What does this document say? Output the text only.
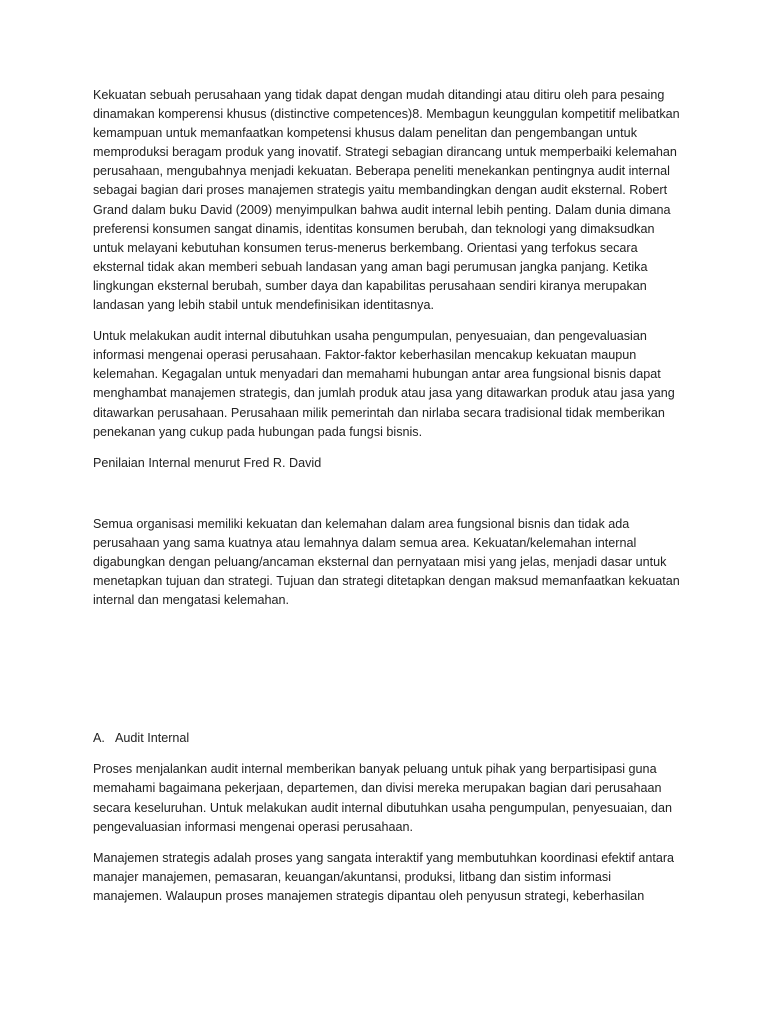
Kekuatan sebuah perusahaan yang tidak dapat dengan mudah ditandingi atau ditiru oleh para pesaing dinamakan komperensi khusus (distinctive competences)8. Membagun keunggulan kompetitif melibatkan kemampuan untuk memanfaatkan kompetensi khusus dalam penelitan dan pengembangan untuk memproduksi beragam produk yang inovatif. Strategi sebagian dirancang untuk memperbaiki kelemahan perusahaan, mengubahnya menjadi kekuatan. Beberapa peneliti menekankan pentingnya audit internal sebagai bagian dari proses manajemen strategis yaitu membandingkan dengan audit eksternal. Robert Grand dalam buku David (2009) menyimpulkan bahwa audit internal lebih penting. Dalam dunia dimana preferensi konsumen sangat dinamis, identitas konsumen berubah, dan teknologi yang dimaksudkan untuk melayani kebutuhan konsumen terus-menerus berkembang. Orientasi yang terfokus secara eksternal tidak akan memberi sebuah landasan yang aman bagi perumusan jangka panjang. Ketika lingkungan eksternal berubah, sumber daya dan kapabilitas perusahaan sendiri kiranya merupakan landasan yang lebih stabil untuk mendefinisikan identitasnya.

Untuk melakukan audit internal dibutuhkan usaha pengumpulan, penyesuaian, dan pengevaluasian informasi mengenai operasi perusahaan. Faktor-faktor keberhasilan mencakup kekuatan maupun kelemahan. Kegagalan untuk menyadari dan memahami hubungan antar area fungsional bisnis dapat menghambat manajemen strategis, dan jumlah produk atau jasa yang ditawarkan produk atau jasa yang ditawarkan perusahaan. Perusahaan milik pemerintah dan nirlaba secara tradisional tidak memberikan penekanan yang cukup pada hubungan pada fungsi bisnis.

Penilaian Internal menurut Fred R. David

Semua organisasi memiliki kekuatan dan kelemahan dalam area fungsional bisnis dan tidak ada perusahaan yang sama kuatnya atau lemahnya dalam semua area. Kekuatan/kelemahan internal digabungkan dengan peluang/ancaman eksternal dan pernyataan misi yang jelas, menjadi dasar untuk menetapkan tujuan dan strategi. Tujuan dan strategi ditetapkan dengan maksud memanfaatkan kekuatan internal dan mengatasi kelemahan.

A. Audit Internal

Proses menjalankan audit internal memberikan banyak peluang untuk pihak yang berpartisipasi guna memahami bagaimana pekerjaan, departemen, dan divisi mereka merupakan bagian dari perusahaan secara keseluruhan. Untuk melakukan audit internal dibutuhkan usaha pengumpulan, penyesuaian, dan pengevaluasian informasi mengenai operasi perusahaan.

Manajemen strategis adalah proses yang sangata interaktif yang membutuhkan koordinasi efektif antara manajer manajemen, pemasaran, keuangan/akuntansi, produksi, litbang dan sistim informasi manajemen. Walaupun proses manajemen strategis dipantau oleh penyusun strategi, keberhasilan
